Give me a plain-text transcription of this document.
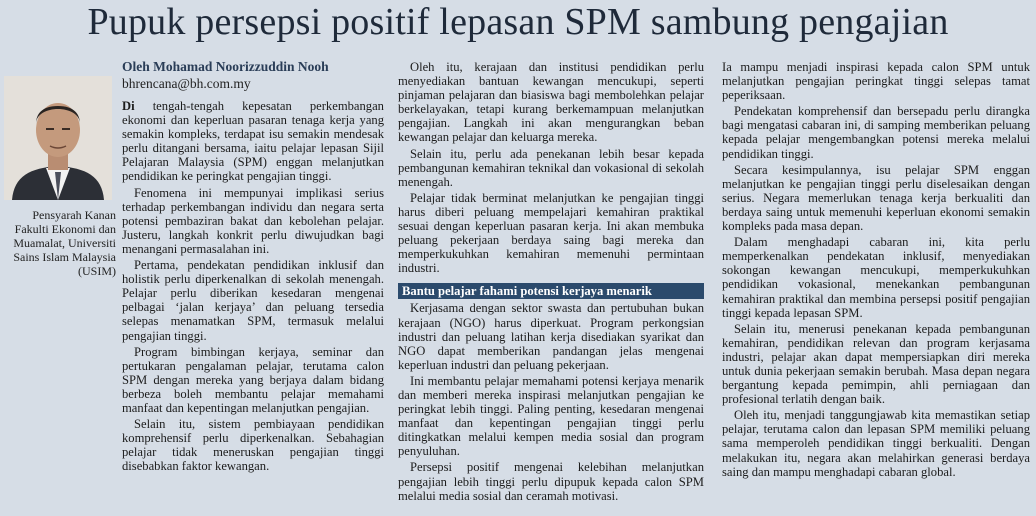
Pupuk persepsi positif lepasan SPM sambung pengajian
Pensyarah Kanan Fakulti Ekonomi dan Muamalat, Universiti Sains Islam Malaysia (USIM)
Oleh Mohamad Noorizzuddin Nooh
bhrencana@bh.com.my

Di tengah-tengah kepesatan perkembangan ekonomi dan keperluan pasaran tenaga kerja yang semakin kompleks, terdapat isu semakin mendesak perlu ditangani bersama, iaitu pelajar lepasan Sijil Pelajaran Malaysia (SPM) enggan melanjutkan pendidikan ke peringkat pengajian tinggi.

Fenomena ini mempunyai implikasi serius terhadap perkembangan individu dan negara serta potensi pembaziran bakat dan kebolehan pelajar. Justeru, langkah konkrit perlu diwujudkan bagi menangani permasalahan ini.

Pertama, pendekatan pendidikan inklusif dan holistik perlu diperkenalkan di sekolah menengah. Pelajar perlu diberikan kesedaran mengenai pelbagai ‘jalan kerjaya’ dan peluang tersedia selepas menamatkan SPM, termasuk melalui pengajian tinggi.

Program bimbingan kerjaya, seminar dan pertukaran pengalaman pelajar, terutama calon SPM dengan mereka yang berjaya dalam bidang berbeza boleh membantu pelajar memahami manfaat dan kepentingan melanjutkan pengajian.

Selain itu, sistem pembiayaan pendidikan komprehensif perlu diperkenalkan. Sebahagian pelajar tidak meneruskan pengajian tinggi disebabkan faktor kewangan.

Oleh itu, kerajaan dan institusi pendidikan perlu menyediakan bantuan kewangan mencukupi, seperti pinjaman pelajaran dan biasiswa bagi membolehkan pelajar berkelayakan, tetapi kurang berkemampuan melanjutkan pengajian. Langkah ini akan mengurangkan beban kewangan pelajar dan keluarga mereka.

Selain itu, perlu ada penekanan lebih besar kepada pembangunan kemahiran teknikal dan vokasional di sekolah menengah.

Pelajar tidak berminat melanjutkan ke pengajian tinggi harus diberi peluang mempelajari kemahiran praktikal sesuai dengan keperluan pasaran kerja. Ini akan membuka peluang pekerjaan berdaya saing bagi mereka dan memperkukuhkan kemahiran memenuhi permintaan industri.

Bantu pelajar fahami potensi kerjaya menarik

Kerjasama dengan sektor swasta dan pertubuhan bukan kerajaan (NGO) harus diperkuat. Program perkongsian industri dan peluang latihan kerja disediakan syarikat dan NGO dapat memberikan pandangan jelas mengenai keperluan industri dan peluang pekerjaan.

Ini membantu pelajar memahami potensi kerjaya menarik dan memberi mereka inspirasi melanjutkan pengajian ke peringkat lebih tinggi. Paling penting, kesedaran mengenai manfaat dan kepentingan pengajian tinggi perlu ditingkatkan melalui kempen media sosial dan program penyuluhan.

Persepsi positif mengenai kelebihan melanjutkan pengajian lebih tinggi perlu dipupuk kepada calon SPM melalui media sosial dan ceramah motivasi.

Ia mampu menjadi inspirasi kepada calon SPM untuk melanjutkan pengajian peringkat tinggi selepas tamat peperiksaan.

Pendekatan komprehensif dan bersepadu perlu dirangka bagi mengatasi cabaran ini, di samping memberikan peluang kepada pelajar mengembangkan potensi mereka melalui pendidikan tinggi.

Secara kesimpulannya, isu pelajar SPM enggan melanjutkan ke pengajian tinggi perlu diselesaikan dengan serius. Negara memerlukan tenaga kerja berkualiti dan berdaya saing untuk memenuhi keperluan ekonomi semakin kompleks pada masa depan.

Dalam menghadapi cabaran ini, kita perlu memperkenalkan pendekatan inklusif, menyediakan sokongan kewangan mencukupi, memperkukuhkan pendidikan vokasional, menekankan pembangunan kemahiran praktikal dan membina persepsi positif pengajian tinggi kepada lepasan SPM.

Selain itu, menerusi penekanan kepada pembangunan kemahiran, pendidikan relevan dan program kerjasama industri, pelajar akan dapat mempersiapkan diri mereka untuk dunia pekerjaan semakin berubah. Masa depan negara bergantung kepada pemimpin, ahli perniagaan dan profesional terlatih dengan baik.

Oleh itu, menjadi tanggungjawab kita memastikan setiap pelajar, terutama calon dan lepasan SPM memiliki peluang sama memperoleh pendidikan tinggi berkualiti. Dengan melakukan itu, negara akan melahirkan generasi berdaya saing dan mampu menghadapi cabaran global.
